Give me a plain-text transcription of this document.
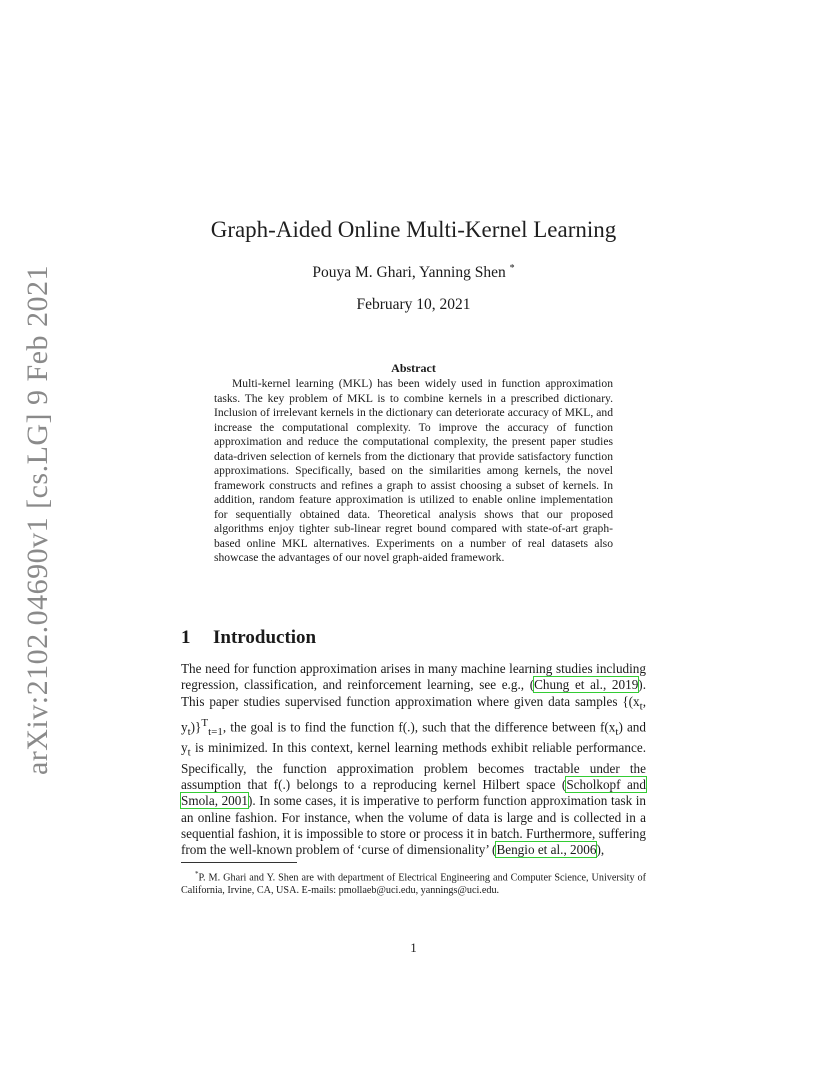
arXiv:2102.04690v1 [cs.LG] 9 Feb 2021
Graph-Aided Online Multi-Kernel Learning
Pouya M. Ghari, Yanning Shen *
February 10, 2021
Abstract
Multi-kernel learning (MKL) has been widely used in function approximation tasks. The key problem of MKL is to combine kernels in a prescribed dictionary. Inclusion of irrelevant kernels in the dictionary can deteriorate accuracy of MKL, and increase the computational complexity. To improve the accuracy of function approximation and reduce the computational complexity, the present paper studies data-driven selection of kernels from the dictionary that provide satisfactory function approximations. Specifically, based on the similarities among kernels, the novel framework constructs and refines a graph to assist choosing a subset of kernels. In addition, random feature approximation is utilized to enable online implementation for sequentially obtained data. Theoretical analysis shows that our proposed algorithms enjoy tighter sub-linear regret bound compared with state-of-art graph-based online MKL alternatives. Experiments on a number of real datasets also showcase the advantages of our novel graph-aided framework.
1 Introduction
The need for function approximation arises in many machine learning studies including regression, classification, and reinforcement learning, see e.g., (Chung et al., 2019). This paper studies supervised function approximation where given data samples {($x_t$, $y_t)\}^T_{t=1}$, the goal is to find the function f(.), such that the difference between $f(x_t)$ and $y_t$ is minimized. In this context, kernel learning methods exhibit reliable performance. Specifically, the function approximation problem becomes tractable under the assumption that f(.) belongs to a reproducing kernel Hilbert space (Scholkopf and Smola, 2001). In some cases, it is imperative to perform function approximation task in an online fashion. For instance, when the volume of data is large and is collected in a sequential fashion, it is impossible to store or process it in batch. Furthermore, suffering from the well-known problem of ‘curse of dimensionality’ (Bengio et al., 2006),
*P. M. Ghari and Y. Shen are with department of Electrical Engineering and Computer Science, University of California, Irvine, CA, USA. E-mails: pmollaeb@uci.edu, yannings@uci.edu.
1
